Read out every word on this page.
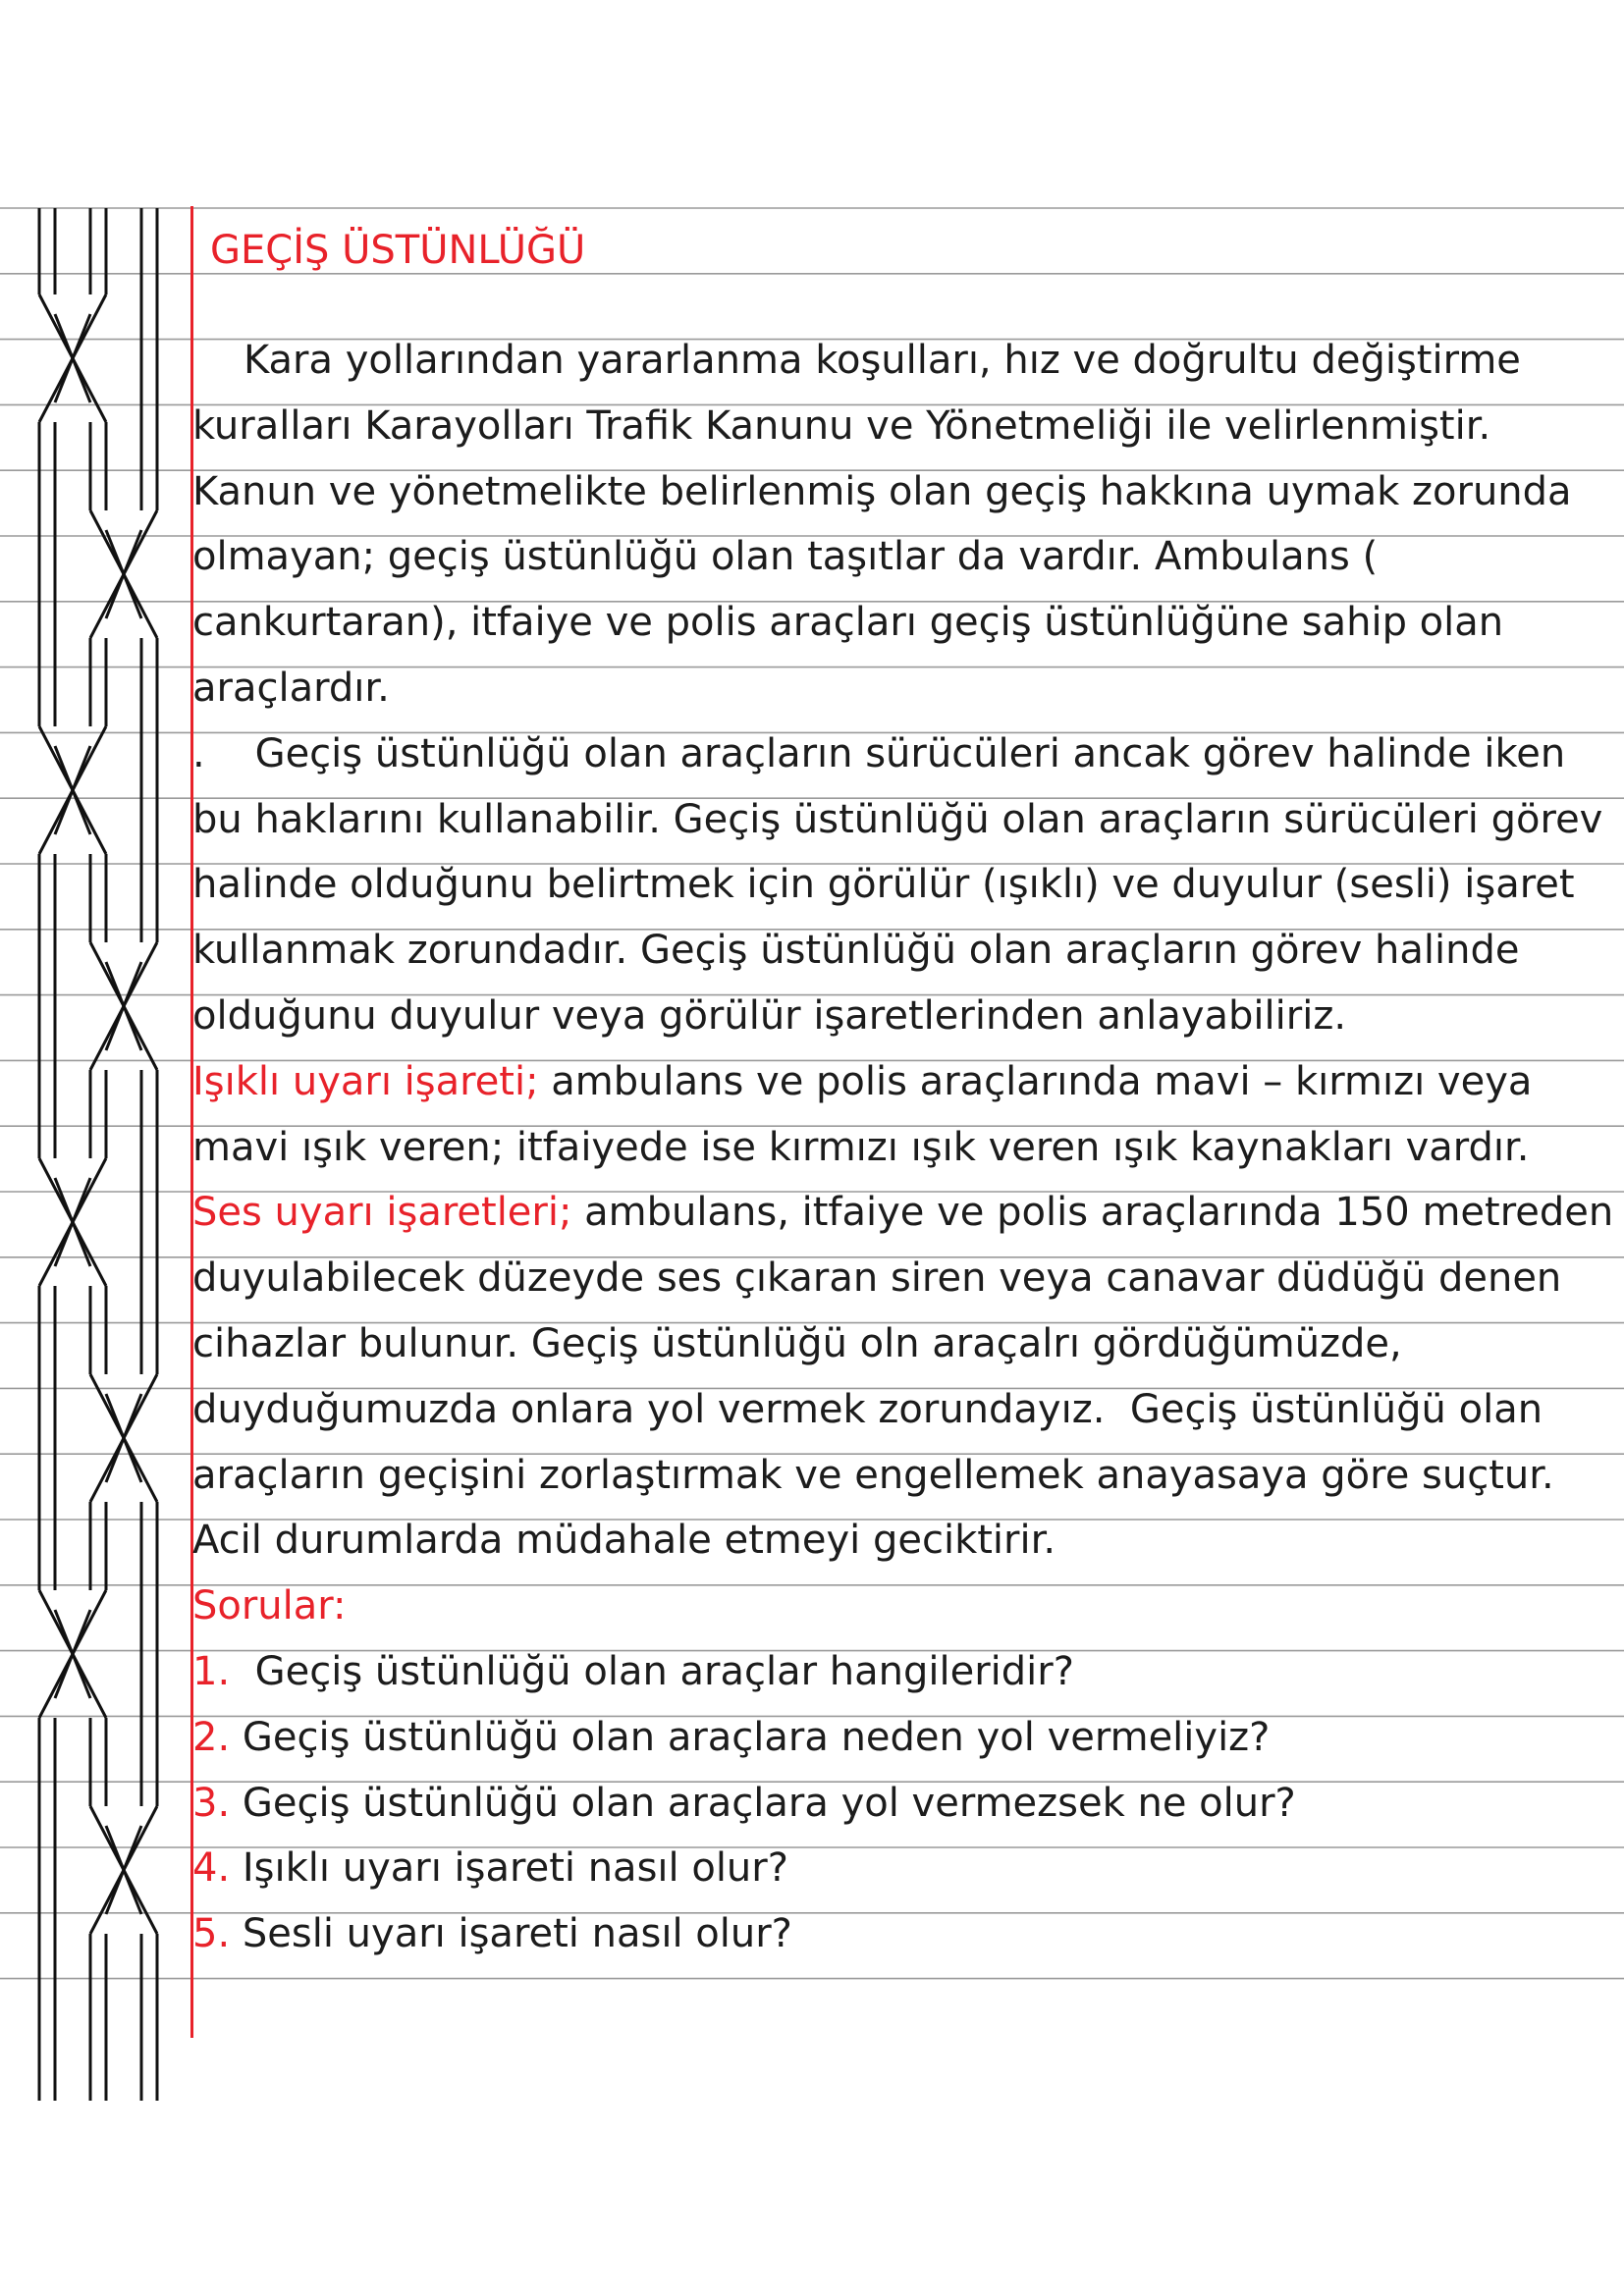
GEÇİŞ ÜSTÜNLÜĞÜ
Kara yollarından yararlanma koşulları, hız ve doğrultu değiştirme
kuralları Karayolları Trafik Kanunu ve Yönetmeliği ile velirlenmiştir.
Kanun ve yönetmelikte belirlenmiş olan geçiş hakkına uymak zorunda
olmayan; geçiş üstünlüğü olan taşıtlar da vardır. Ambulans (
cankurtaran), itfaiye ve polis araçları geçiş üstünlüğüne sahip olan
araçlardır.
.    Geçiş üstünlüğü olan araçların sürücüleri ancak görev halinde iken
bu haklarını kullanabilir. Geçiş üstünlüğü olan araçların sürücüleri görev
halinde olduğunu belirtmek için görülür (ışıklı) ve duyulur (sesli) işaret
kullanmak zorundadır. Geçiş üstünlüğü olan araçların görev halinde
olduğunu duyulur veya görülür işaretlerinden anlayabiliriz.
Işıklı uyarı işareti; ambulans ve polis araçlarında mavi – kırmızı veya
mavi ışık veren; itfaiyede ise kırmızı ışık veren ışık kaynakları vardır.
Ses uyarı işaretleri; ambulans, itfaiye ve polis araçlarında 150 metreden
duyulabilecek düzeyde ses çıkaran siren veya canavar düdüğü denen
cihazlar bulunur. Geçiş üstünlüğü oln araçalrı gördüğümüzde,
duyduğumuzda onlara yol vermek zorundayız.  Geçiş üstünlüğü olan
araçların geçişini zorlaştırmak ve engellemek anayasaya göre suçtur.
Acil durumlarda müdahale etmeyi geciktirir.
Sorular:
1.  Geçiş üstünlüğü olan araçlar hangileridir?
2. Geçiş üstünlüğü olan araçlara neden yol vermeliyiz?
3. Geçiş üstünlüğü olan araçlara yol vermezsek ne olur?
4. Işıklı uyarı işareti nasıl olur?
5. Sesli uyarı işareti nasıl olur?
